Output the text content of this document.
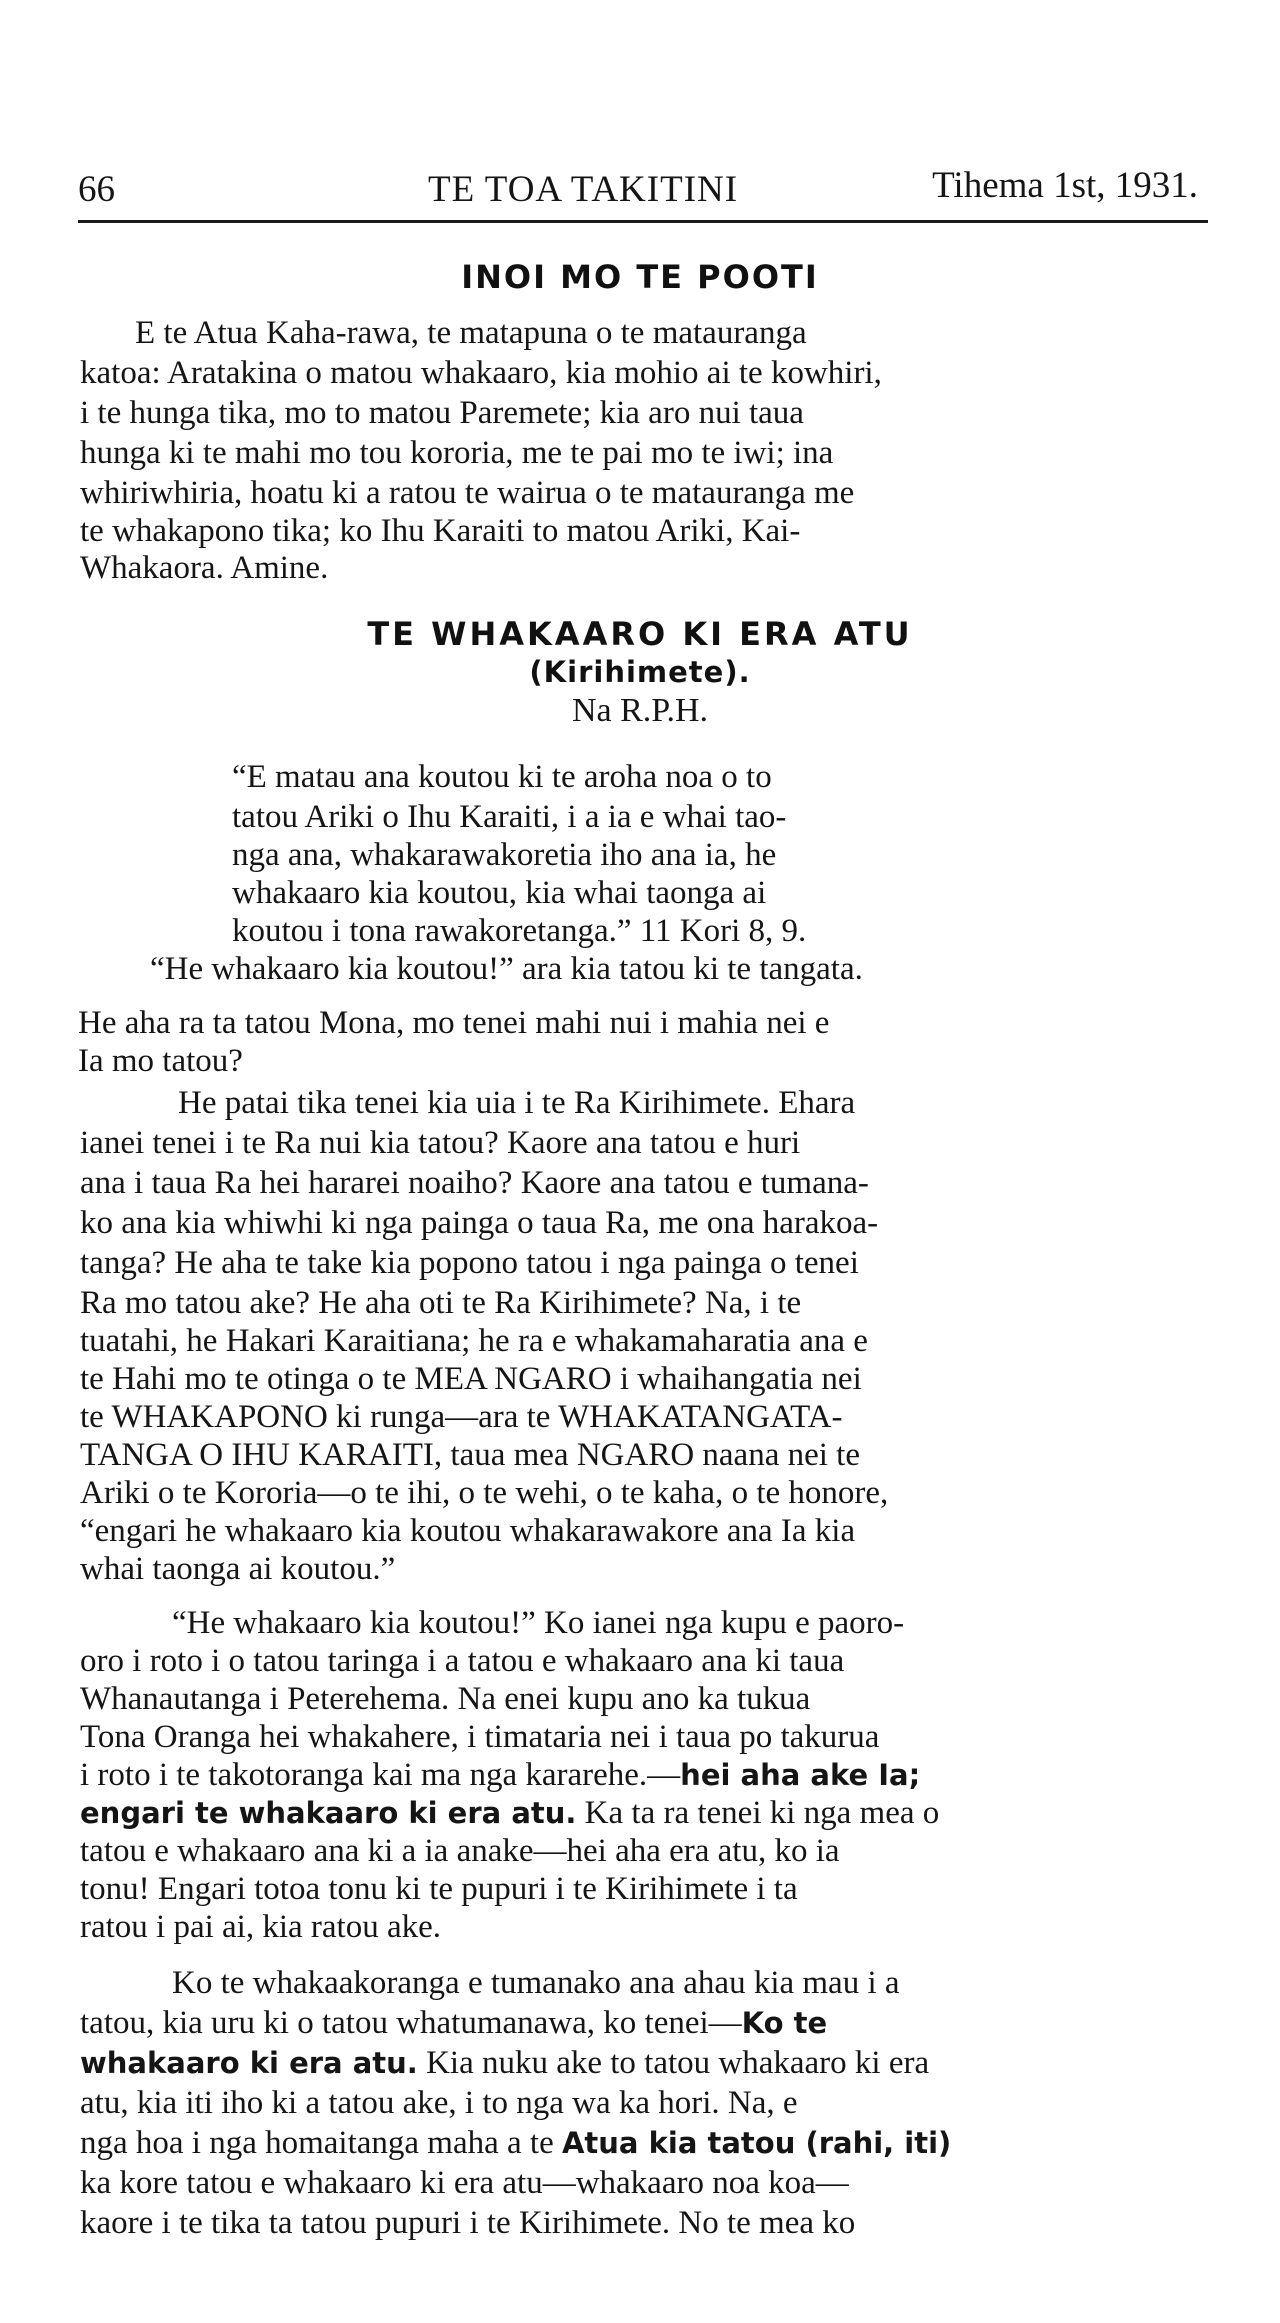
66	TE TOA TAKITINI	Tihema 1st, 1931.
INOI MO TE POOTI
E te Atua Kaha-rawa, te matapuna o te matauranga
katoa: Aratakina o matou whakaaro, kia mohio ai te kowhiri,
i te hunga tika, mo to matou Paremete; kia aro nui taua
hunga ki te mahi mo tou kororia, me te pai mo te iwi; ina
whiriwhiria, hoatu ki a ratou te wairua o te matauranga me
te whakapono tika; ko Ihu Karaiti to matou Ariki, Kai-
Whakaora. Amine.
TE WHAKAARO KI ERA ATU
(Kirihimete).
Na R.P.H.
“E matau ana koutou ki te aroha noa o to
tatou Ariki o Ihu Karaiti, i a ia e whai tao-
nga ana, whakarawakoretia iho ana ia, he
whakaaro kia koutou, kia whai taonga ai
koutou i tona rawakoretanga.” 11 Kori 8, 9.
“He whakaaro kia koutou!” ara kia tatou ki te tangata.
He aha ra ta tatou Mona, mo tenei mahi nui i mahia nei e
Ia mo tatou?
He patai tika tenei kia uia i te Ra Kirihimete. Ehara
ianei tenei i te Ra nui kia tatou? Kaore ana tatou e huri
ana i taua Ra hei hararei noaiho? Kaore ana tatou e tumana-
ko ana kia whiwhi ki nga painga o taua Ra, me ona harakoa-
tanga? He aha te take kia popono tatou i nga painga o tenei
Ra mo tatou ake? He aha oti te Ra Kirihimete? Na, i te
tuatahi, he Hakari Karaitiana; he ra e whakamaharatia ana e
te Hahi mo te otinga o te MEA NGARO i whaihangatia nei
te WHAKAPONO ki runga—ara te WHAKATANGATA-
TANGA O IHU KARAITI, taua mea NGARO naana nei te
Ariki o te Kororia—o te ihi, o te wehi, o te kaha, o te honore,
“engari he whakaaro kia koutou whakarawakore ana Ia kia
whai taonga ai koutou.”
“He whakaaro kia koutou!” Ko ianei nga kupu e paoro-
oro i roto i o tatou taringa i a tatou e whakaaro ana ki taua
Whanautanga i Peterehema. Na enei kupu ano ka tukua
Tona Oranga hei whakahere, i timataria nei i taua po takurua
i roto i te takotoranga kai ma nga kararehe.—hei aha ake Ia;
engari te whakaaro ki era atu. Ka ta ra tenei ki nga mea o
tatou e whakaaro ana ki a ia anake—hei aha era atu, ko ia
tonu! Engari totoa tonu ki te pupuri i te Kirihimete i ta
ratou i pai ai, kia ratou ake.
Ko te whakaakoranga e tumanako ana ahau kia mau i a
tatou, kia uru ki o tatou whatumanawa, ko tenei—Ko te
whakaaro ki era atu. Kia nuku ake to tatou whakaaro ki era
atu, kia iti iho ki a tatou ake, i to nga wa ka hori. Na, e
nga hoa i nga homaitanga maha a te Atua kia tatou (rahi, iti)
ka kore tatou e whakaaro ki era atu—whakaaro noa koa—
kaore i te tika ta tatou pupuri i te Kirihimete. No te mea ko
